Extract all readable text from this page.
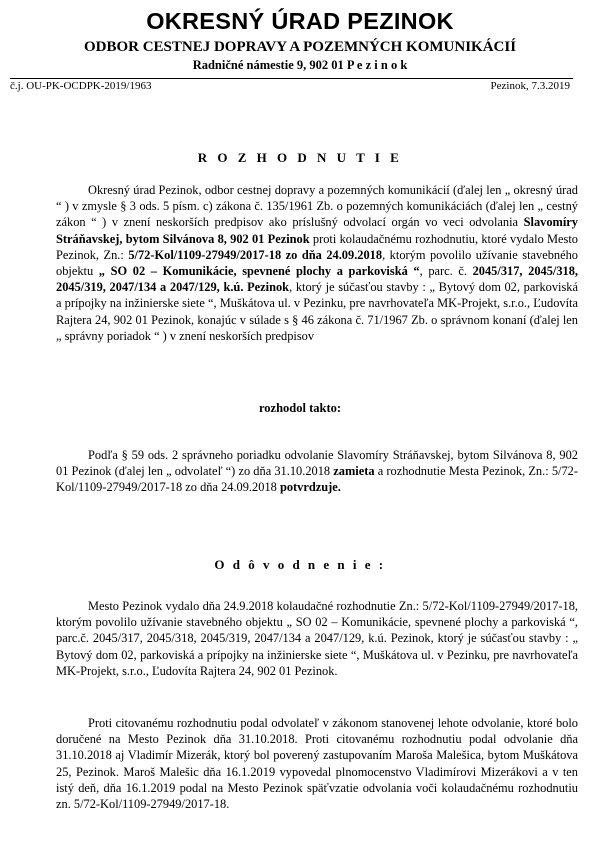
OKRESNÝ ÚRAD PEZINOK
ODBOR CESTNEJ DOPRAVY A POZEMNÝCH KOMUNIKÁCIÍ
Radničné námestie 9, 902 01 P e z i n o k
č.j. OU-PK-OCDPK-2019/1963	Pezinok, 7.3.2019
R O Z H O D N U T I E
Okresný úrad Pezinok, odbor cestnej dopravy a pozemných komunikácií (ďalej len „ okresný úrad “ ) v zmysle § 3 ods. 5 písm. c) zákona č. 135/1961 Zb. o pozemných komunikáciách (ďalej len „ cestný zákon “ ) v znení neskorších predpisov ako príslušný odvolací orgán vo veci odvolania Slavomíry Stráňavskej, bytom Silvánova 8, 902 01 Pezinok proti kolaudačnému rozhodnutiu, ktoré vydalo Mesto Pezinok, Zn.: 5/72-Kol/1109-27949/2017-18 zo dňa 24.09.2018, ktorým povolilo užívanie stavebného objektu „ SO 02 – Komunikácie, spevnené plochy a parkoviská “, parc. č. 2045/317, 2045/318, 2045/319, 2047/134 a 2047/129, k.ú. Pezinok, ktorý je súčasťou stavby : „ Bytový dom 02, parkoviská a prípojky na inžinierske siete “, Muškátova ul. v Pezinku, pre navrhovateľa MK-Projekt, s.r.o., Ľudovíta Rajtera 24, 902 01 Pezinok, konajúc v súlade s § 46 zákona č. 71/1967 Zb. o správnom konaní (ďalej len „ správny poriadok “ ) v znení neskorších predpisov
rozhodol takto:
Podľa § 59 ods. 2 správneho poriadku odvolanie Slavomíry Stráňavskej, bytom Silvánova 8, 902 01 Pezinok (ďalej len „ odvolateľ “) zo dňa 31.10.2018 zamieta a rozhodnutie Mesta Pezinok, Zn.: 5/72-Kol/1109-27949/2017-18 zo dňa 24.09.2018 potvrdzuje.
O d ô v o d n e n i e :
Mesto Pezinok vydalo dňa 24.9.2018 kolaudačné rozhodnutie Zn.: 5/72-Kol/1109-27949/2017-18, ktorým povolilo užívanie stavebného objektu „ SO 02 – Komunikácie, spevnené plochy a parkoviská “, parc.č. 2045/317, 2045/318, 2045/319, 2047/134 a 2047/129, k.ú. Pezinok, ktorý je súčasťou stavby : „ Bytový dom 02, parkoviská a prípojky na inžinierske siete “, Muškátova ul. v Pezinku, pre navrhovateľa MK-Projekt, s.r.o., Ľudovíta Rajtera 24, 902 01 Pezinok.
Proti citovanému rozhodnutiu podal odvolateľ v zákonom stanovenej lehote odvolanie, ktoré bolo doručené na Mesto Pezinok dňa 31.10.2018. Proti citovanému rozhodnutiu podal odvolanie dňa 31.10.2018 aj Vladimír Mizerák, ktorý bol poverený zastupovaním Maroša Malešica, bytom Muškátova 25, Pezinok. Maroš Malešic dňa 16.1.2019 vypovedal plnomocenstvo Vladimírovi Mizerákovi a v ten istý deň, dňa 16.1.2019 podal na Mesto Pezinok späťvzatie odvolania voči kolaudačnému rozhodnutiu zn. 5/72-Kol/1109-27949/2017-18.
